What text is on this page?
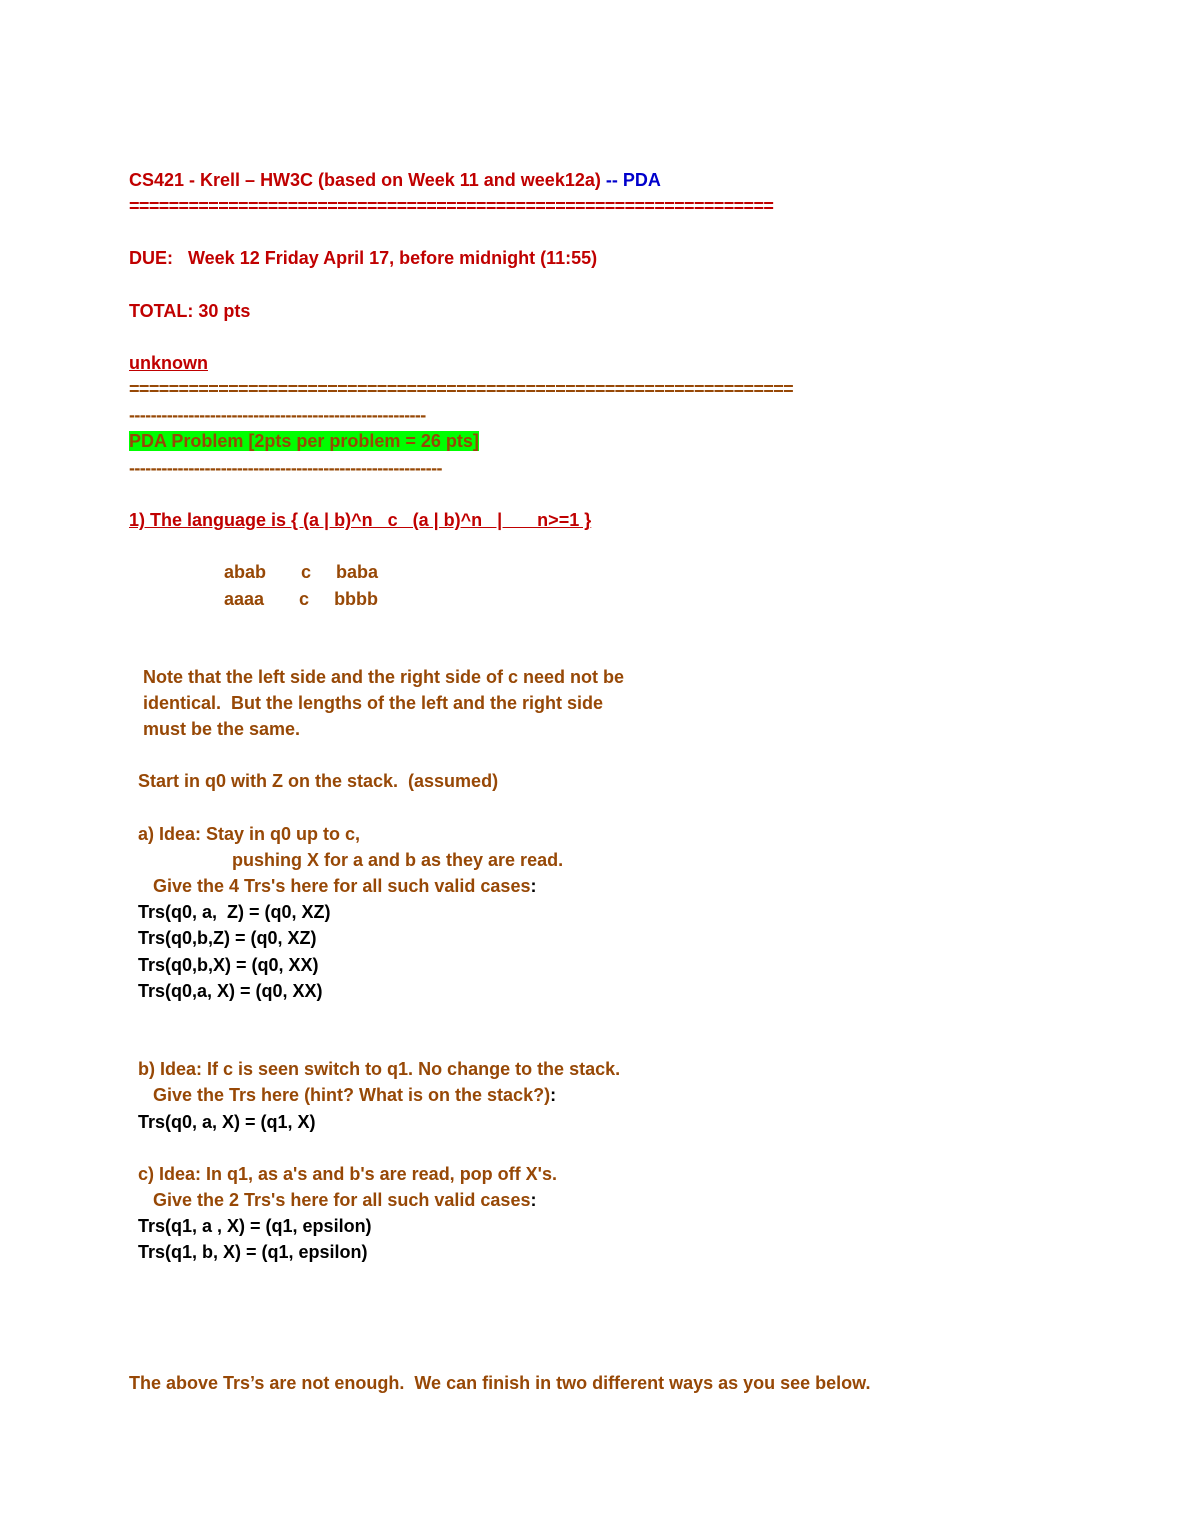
CS421 - Krell – HW3C (based on Week 11 and week12a) -- PDA

=================================================================

DUE:   Week 12 Friday April 17, before midnight (11:55)

TOTAL: 30 pts

unknown

===================================================================

-------------------------------------------------------

PDA Problem [2pts per problem = 26 pts]

----------------------------------------------------------

1) The language is { (a | b)^n   c   (a | b)^n   |       n>=1 }

abab       c     baba

aaaa       c     bbbb

Note that the left side and the right side of c need not be

identical.  But the lengths of the left and the right side

must be the same.

Start in q0 with Z on the stack.  (assumed)

a) Idea: Stay in q0 up to c,

pushing X for a and b as they are read.

Give the 4 Trs's here for all such valid cases:

Trs(q0, a,  Z) = (q0, XZ)

Trs(q0,b,Z) = (q0, XZ)

Trs(q0,b,X) = (q0, XX)

Trs(q0,a, X) = (q0, XX)

b) Idea: If c is seen switch to q1. No change to the stack.

Give the Trs here (hint? What is on the stack?):

Trs(q0, a, X) = (q1, X)

c) Idea: In q1, as a's and b's are read, pop off X's.

Give the 2 Trs's here for all such valid cases:

Trs(q1, a , X) = (q1, epsilon)

Trs(q1, b, X) = (q1, epsilon)

The above Trs’s are not enough.  We can finish in two different ways as you see below.
